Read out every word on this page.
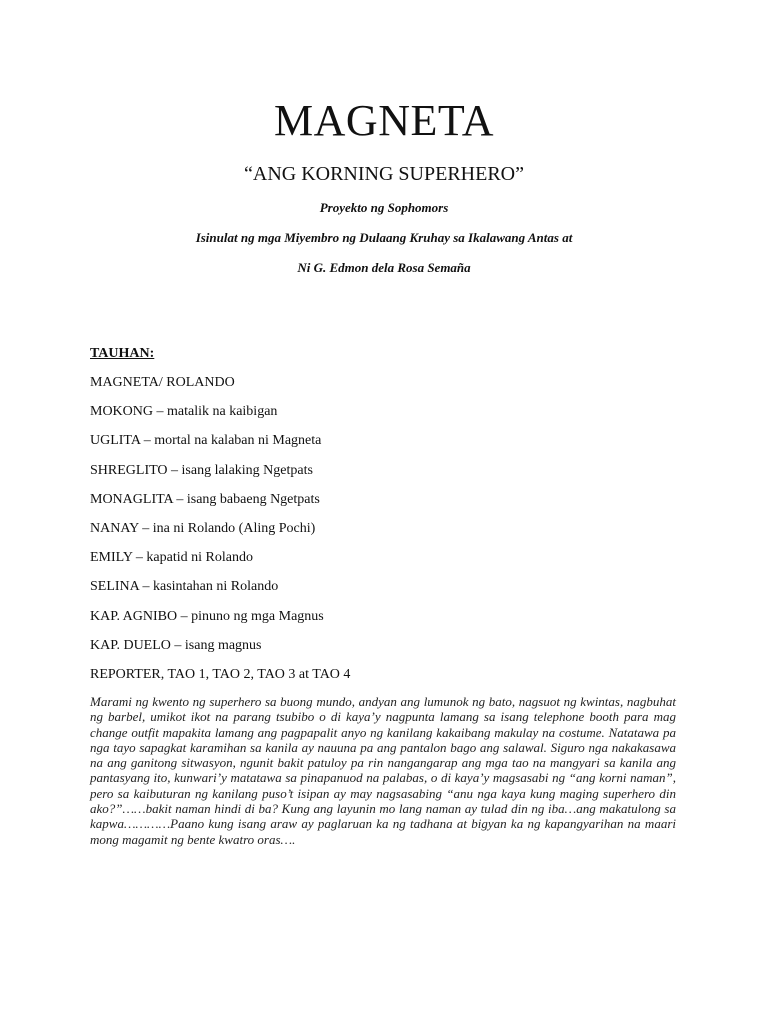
MAGNETA
“ANG KORNING SUPERHERO”
Proyekto ng Sophomors
Isinulat ng mga Miyembro ng Dulaang Kruhay sa Ikalawang Antas at
Ni G. Edmon dela Rosa Semaña
TAUHAN:
MAGNETA/ ROLANDO
MOKONG – matalik na kaibigan
UGLITA – mortal na kalaban ni Magneta
SHREGLITO – isang lalaking Ngetpats
MONAGLITA – isang babaeng Ngetpats
NANAY – ina ni Rolando (Aling Pochi)
EMILY – kapatid ni Rolando
SELINA – kasintahan ni Rolando
KAP. AGNIBO – pinuno ng mga Magnus
KAP. DUELO – isang magnus
REPORTER, TAO 1, TAO 2, TAO 3 at TAO 4

Marami ng kwento ng superhero sa buong mundo, andyan ang lumunok ng bato, nagsuot ng kwintas, nagbuhat ng barbel, umikot ikot na parang tsubibo o di kaya’y nagpunta lamang sa isang telephone booth para mag change outfit mapakita lamang ang pagpapalit anyo ng kanilang kakaibang makulay na costume. Natatawa pa nga tayo sapagkat karamihan sa kanila ay nauuna pa ang pantalon bago ang salawal. Siguro nga nakakasawa na ang ganitong sitwasyon, ngunit bakit patuloy pa rin nangangarap ang mga tao na mangyari sa kanila ang pantasyang ito, kunwari’y matatawa sa pinapanuod na palabas, o di kaya’y magsasabi ng “ang korni naman”, pero sa kaibuturan ng kanilang puso’t isipan ay may nagsasabing “anu nga kaya kung maging superhero din ako?”……bakit naman hindi di ba? Kung ang layunin mo lang naman ay tulad din ng iba…ang makatulong sa kapwa…………Paano kung isang araw ay paglaruan ka ng tadhana at bigyan ka ng kapangyarihan na maari mong magamit ng bente kwatro oras….
